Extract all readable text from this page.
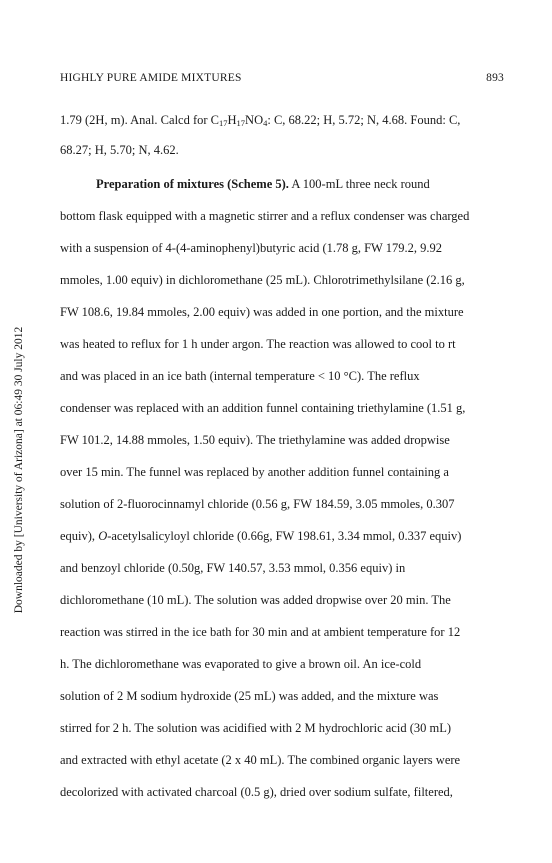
HIGHLY PURE AMIDE MIXTURES	893
Downloaded by [University of Arizona] at 06:49 30 July 2012
1.79 (2H, m). Anal. Calcd for $C_{17}H_{17}NO_4$: C, 68.22; H, 5.72; N, 4.68. Found: C,
68.27; H, 5.70; N, 4.62.
Preparation of mixtures (Scheme 5). A 100-mL three neck round
bottom flask equipped with a magnetic stirrer and a reflux condenser was charged
with a suspension of 4-(4-aminophenyl)butyric acid (1.78 g, FW 179.2, 9.92
mmoles, 1.00 equiv) in dichloromethane (25 mL). Chlorotrimethylsilane (2.16 g,
FW 108.6, 19.84 mmoles, 2.00 equiv) was added in one portion, and the mixture
was heated to reflux for 1 h under argon. The reaction was allowed to cool to rt
and was placed in an ice bath (internal temperature < 10 °C). The reflux
condenser was replaced with an addition funnel containing triethylamine (1.51 g,
FW 101.2, 14.88 mmoles, 1.50 equiv). The triethylamine was added dropwise
over 15 min. The funnel was replaced by another addition funnel containing a
solution of 2-fluorocinnamyl chloride (0.56 g, FW 184.59, 3.05 mmoles, 0.307
equiv), O-acetylsalicyloyl chloride (0.66g, FW 198.61, 3.34 mmol, 0.337 equiv)
and benzoyl chloride (0.50g, FW 140.57, 3.53 mmol, 0.356 equiv) in
dichloromethane (10 mL). The solution was added dropwise over 20 min. The
reaction was stirred in the ice bath for 30 min and at ambient temperature for 12
h. The dichloromethane was evaporated to give a brown oil. An ice-cold
solution of 2 M sodium hydroxide (25 mL) was added, and the mixture was
stirred for 2 h. The solution was acidified with 2 M hydrochloric acid (30 mL)
and extracted with ethyl acetate (2 x 40 mL). The combined organic layers were
decolorized with activated charcoal (0.5 g), dried over sodium sulfate, filtered,
